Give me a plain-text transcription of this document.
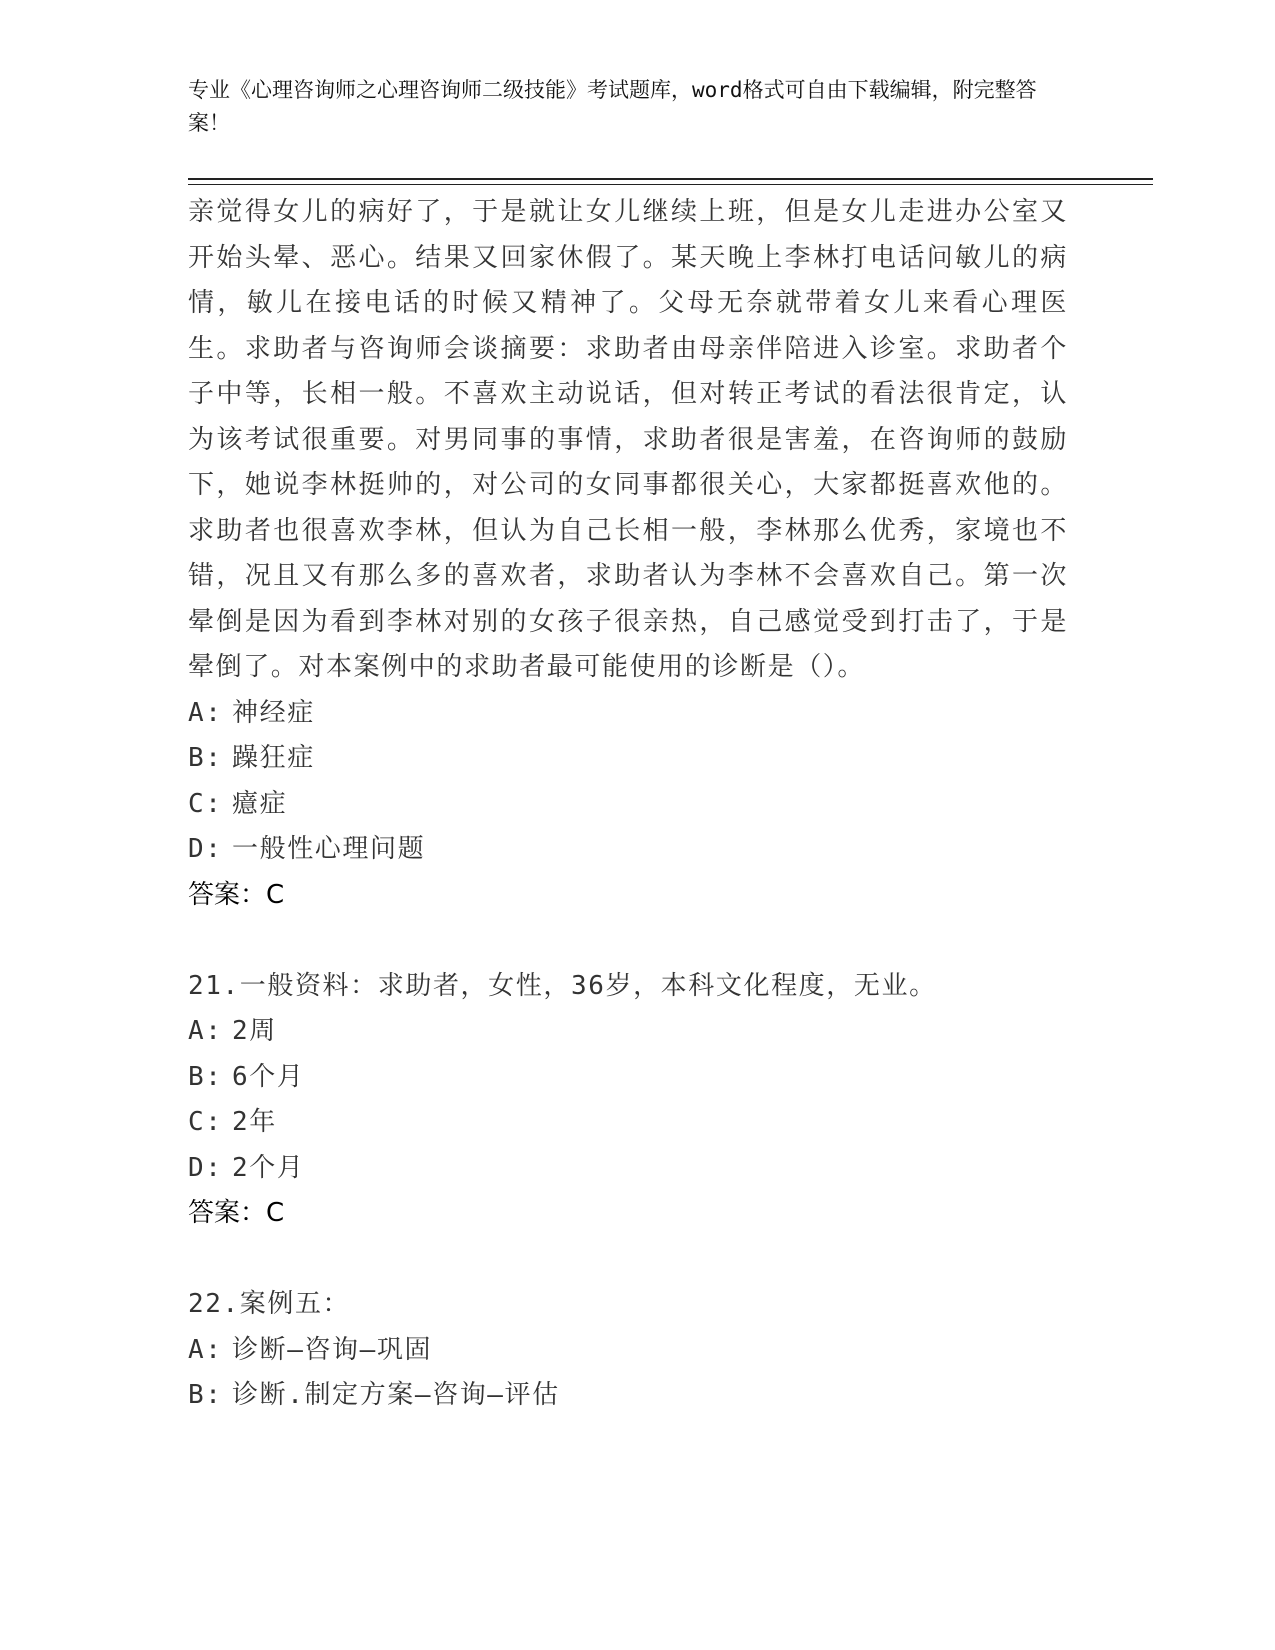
专业《心理咨询师之心理咨询师二级技能》考试题库，word格式可自由下载编辑，附完整答案！

亲觉得女儿的病好了，于是就让女儿继续上班，但是女儿走进办公室又开始头晕、恶心。结果又回家休假了。某天晚上李林打电话问敏儿的病情，敏儿在接电话的时候又精神了。父母无奈就带着女儿来看心理医生。求助者与咨询师会谈摘要：求助者由母亲伴陪进入诊室。求助者个子中等，长相一般。不喜欢主动说话，但对转正考试的看法很肯定，认为该考试很重要。对男同事的事情，求助者很是害羞，在咨询师的鼓励下，她说李林挺帅的，对公司的女同事都很关心，大家都挺喜欢他的。求助者也很喜欢李林，但认为自己长相一般，李林那么优秀，家境也不错，况且又有那么多的喜欢者，求助者认为李林不会喜欢自己。第一次晕倒是因为看到李林对别的女孩子很亲热，自己感觉受到打击了，于是晕倒了。对本案例中的求助者最可能使用的诊断是（）。

A: 神经症

B: 躁狂症

C: 癔症

D: 一般性心理问题

答案：C

21.一般资料：求助者，女性，36岁，本科文化程度，无业。

A: 2周

B: 6个月

C: 2年

D: 2个月

答案：C

22.案例五：

A: 诊断—咨询—巩固

B: 诊断.制定方案—咨询—评估
